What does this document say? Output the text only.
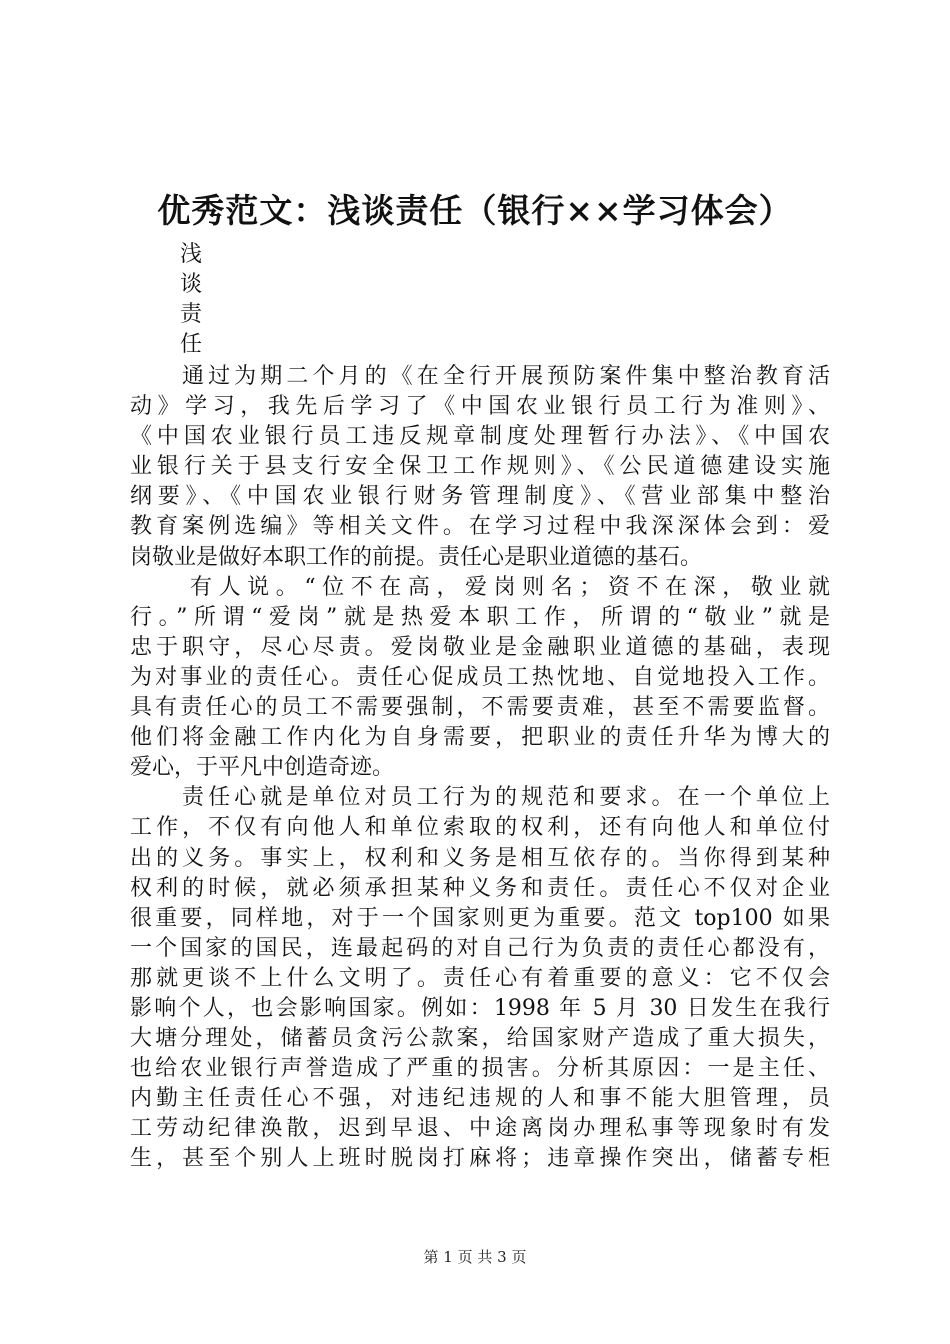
优秀范文：浅谈责任（银行××学习体会）
浅
谈
责
任
通过为期二个月的《在全行开展预防案件集中整治教育活
动》学习，我先后学习了《中国农业银行员工行为准则》、
《中国农业银行员工违反规章制度处理暂行办法》、《中国农
业银行关于县支行安全保卫工作规则》、《公民道德建设实施
纲要》、《中国农业银行财务管理制度》、《营业部集中整治
教育案例选编》等相关文件。在学习过程中我深深体会到：爱
岗敬业是做好本职工作的前提。责任心是职业道德的基石。
有人说。“位不在高，爱岗则名；资不在深，敬业就
行。”所谓“爱岗”就是热爱本职工作，所谓的“敬业”就是
忠于职守，尽心尽责。爱岗敬业是金融职业道德的基础，表现
为对事业的责任心。责任心促成员工热忱地、自觉地投入工作。
具有责任心的员工不需要强制，不需要责难，甚至不需要监督。
他们将金融工作内化为自身需要，把职业的责任升华为博大的
爱心，于平凡中创造奇迹。
责任心就是单位对员工行为的规范和要求。在一个单位上
工作，不仅有向他人和单位索取的权利，还有向他人和单位付
出的义务。事实上，权利和义务是相互依存的。当你得到某种
权利的时候，就必须承担某种义务和责任。责任心不仅对企业
很重要，同样地，对于一个国家则更为重要。范文 top100 如果
一个国家的国民，连最起码的对自己行为负责的责任心都没有，
那就更谈不上什么文明了。责任心有着重要的意义：它不仅会
影响个人，也会影响国家。例如：1998 年 5 月 30 日发生在我行
大塘分理处，储蓄员贪污公款案，给国家财产造成了重大损失，
也给农业银行声誉造成了严重的损害。分析其原因：一是主任、
内勤主任责任心不强，对违纪违规的人和事不能大胆管理，员
工劳动纪律涣散，迟到早退、中途离岗办理私事等现象时有发
生，甚至个别人上班时脱岗打麻将；违章操作突出，储蓄专柜
第 1 页 共 3 页
